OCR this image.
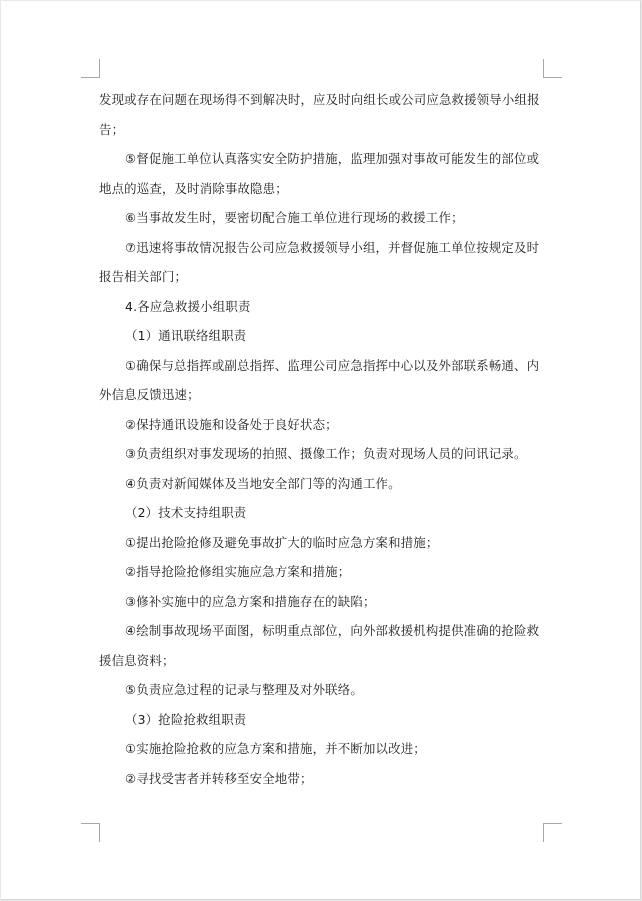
发现或存在问题在现场得不到解决时，应及时向组长或公司应急救援领导小组报告；

⑤督促施工单位认真落实安全防护措施，监理加强对事故可能发生的部位或地点的巡查，及时消除事故隐患；

⑥当事故发生时，要密切配合施工单位进行现场的救援工作；

⑦迅速将事故情况报告公司应急救援领导小组，并督促施工单位按规定及时报告相关部门；

4.各应急救援小组职责

（1）通讯联络组职责

①确保与总指挥或副总指挥、监理公司应急指挥中心以及外部联系畅通、内外信息反馈迅速；

②保持通讯设施和设备处于良好状态；

③负责组织对事发现场的拍照、摄像工作；负责对现场人员的问讯记录。

④负责对新闻媒体及当地安全部门等的沟通工作。

（2）技术支持组职责

①提出抢险抢修及避免事故扩大的临时应急方案和措施；

②指导抢险抢修组实施应急方案和措施；

③修补实施中的应急方案和措施存在的缺陷；

④绘制事故现场平面图，标明重点部位，向外部救援机构提供准确的抢险救援信息资料；

⑤负责应急过程的记录与整理及对外联络。

（3）抢险抢救组职责

①实施抢险抢救的应急方案和措施，并不断加以改进；

②寻找受害者并转移至安全地带；
